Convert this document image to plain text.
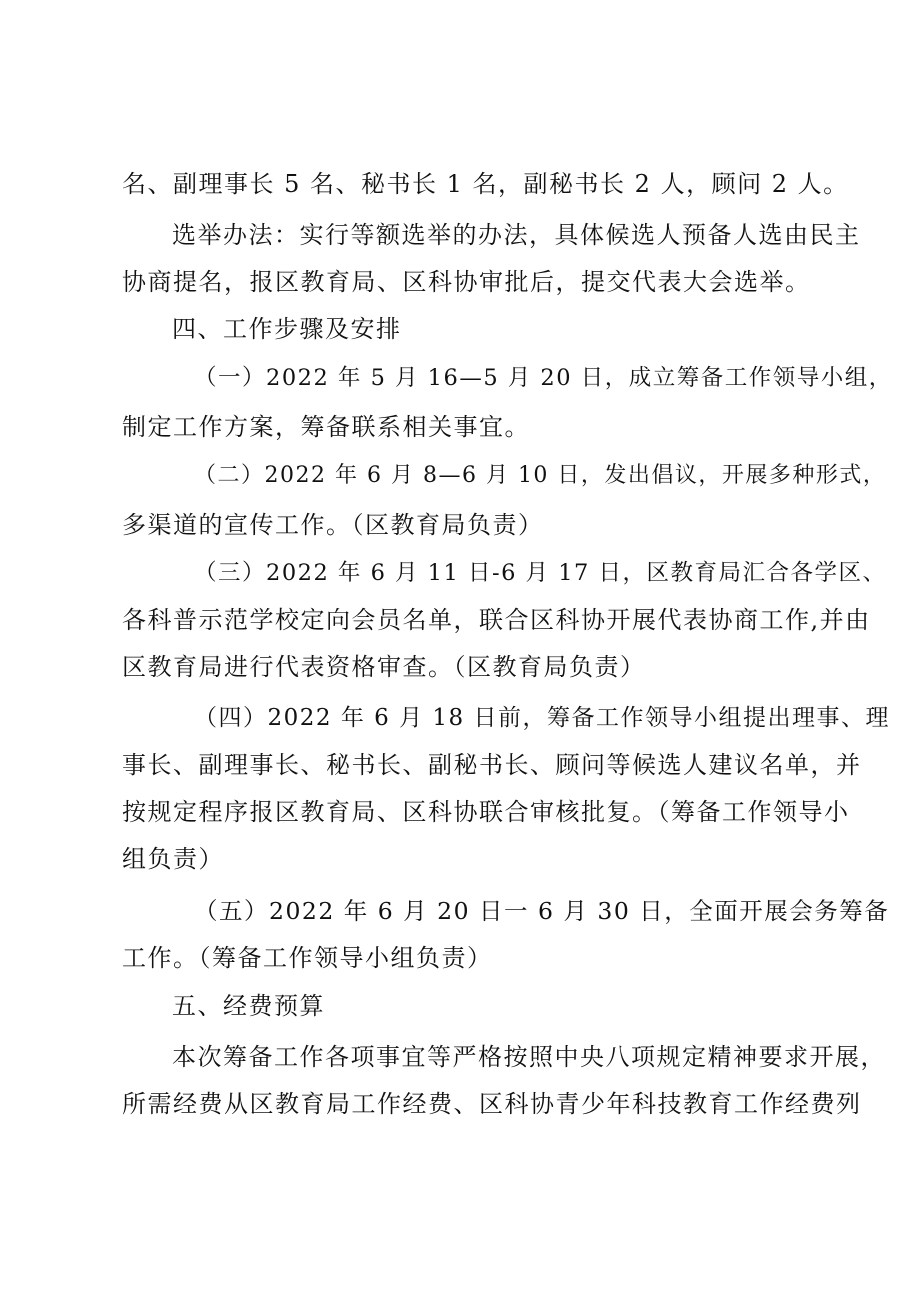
名、副理事长 5 名、秘书长 1 名，副秘书长 2 人，顾问 2 人。
选举办法：实行等额选举的办法，具体候选人预备人选由民主
协商提名，报区教育局、区科协审批后，提交代表大会选举。
四、工作步骤及安排
（一）2022 年 5 月 16—5 月 20 日，成立筹备工作领导小组，
制定工作方案，筹备联系相关事宜。
（二）2022 年 6 月 8—6 月 10 日，发出倡议，开展多种形式，
多渠道的宣传工作。（区教育局负责）
（三）2022 年 6 月 11 日-6 月 17 日，区教育局汇合各学区、
各科普示范学校定向会员名单，联合区科协开展代表协商工作,并由
区教育局进行代表资格审查。（区教育局负责）
（四）2022 年 6 月 18 日前，筹备工作领导小组提出理事、理
事长、副理事长、秘书长、副秘书长、顾问等候选人建议名单，并
按规定程序报区教育局、区科协联合审核批复。（筹备工作领导小
组负责）
（五）2022 年 6 月 20 日一 6 月 30 日，全面开展会务筹备
工作。（筹备工作领导小组负责）
五、经费预算
本次筹备工作各项事宜等严格按照中央八项规定精神要求开展，
所需经费从区教育局工作经费、区科协青少年科技教育工作经费列
